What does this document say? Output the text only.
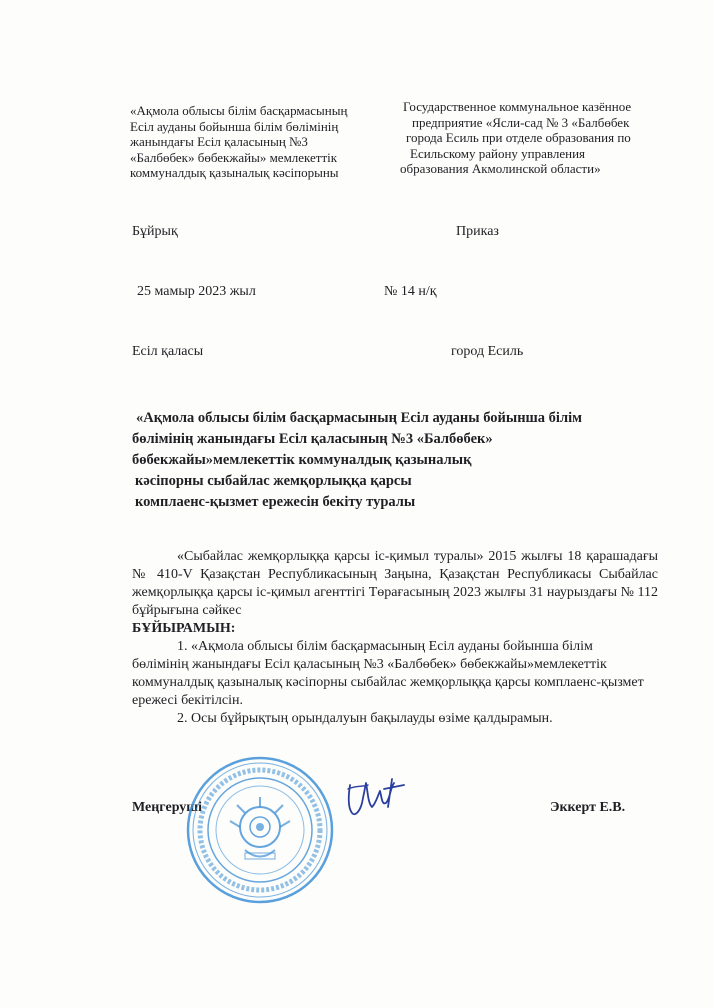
«Ақмола облысы білім басқармасының
Есіл ауданы бойынша білім бөлімінің
жанындағы Есіл қаласының №3
«Балбөбек» бөбекжайы» мемлекеттік
коммуналдық қазыналық кәсіпорыны
Государственное коммунальное казённое
предприятие «Ясли-сад № 3 «Балбөбек
города Есиль при отделе образования по
Есильскому району управления
образования Акмолинской области»
Бұйрық	Приказ
25 мамыр 2023 жыл	№ 14 н/қ
Есіл қаласы	город Есиль
«Ақмола облысы білім басқармасының Есіл ауданы бойынша білім
бөлімінің жанындағы Есіл қаласының №3 «Балбөбек»
бөбекжайы»мемлекеттік коммуналдық қазыналық
кәсіпорны сыбайлас жемқорлыққа қарсы
комплаенс-қызмет ережесін бекіту туралы

«Сыбайлас жемқорлыққа қарсы іс-қимыл туралы» 2015 жылғы 18 қарашадағы № 410-V Қазақстан Республикасының Заңына, Қазақстан Республикасы Сыбайлас жемқорлыққа қарсы іс-қимыл агенттігі Төрағасының 2023 жылғы 31 наурыздағы № 112 бұйрығына сәйкес

БҰЙЫРАМЫН:

1. «Ақмола облысы білім басқармасының Есіл ауданы бойынша білім

бөлімінің жанындағы Есіл қаласының №3 «Балбөбек» бөбекжайы»мемлекеттік коммуналдық қазыналық кәсіпорны сыбайлас жемқорлыққа қарсы комплаенс-қызмет ережесі бекітілсін.

2. Осы бұйрықтың орындалуын бақылауды өзіме қалдырамын.

Меңгеруші	Эккерт Е.В.
